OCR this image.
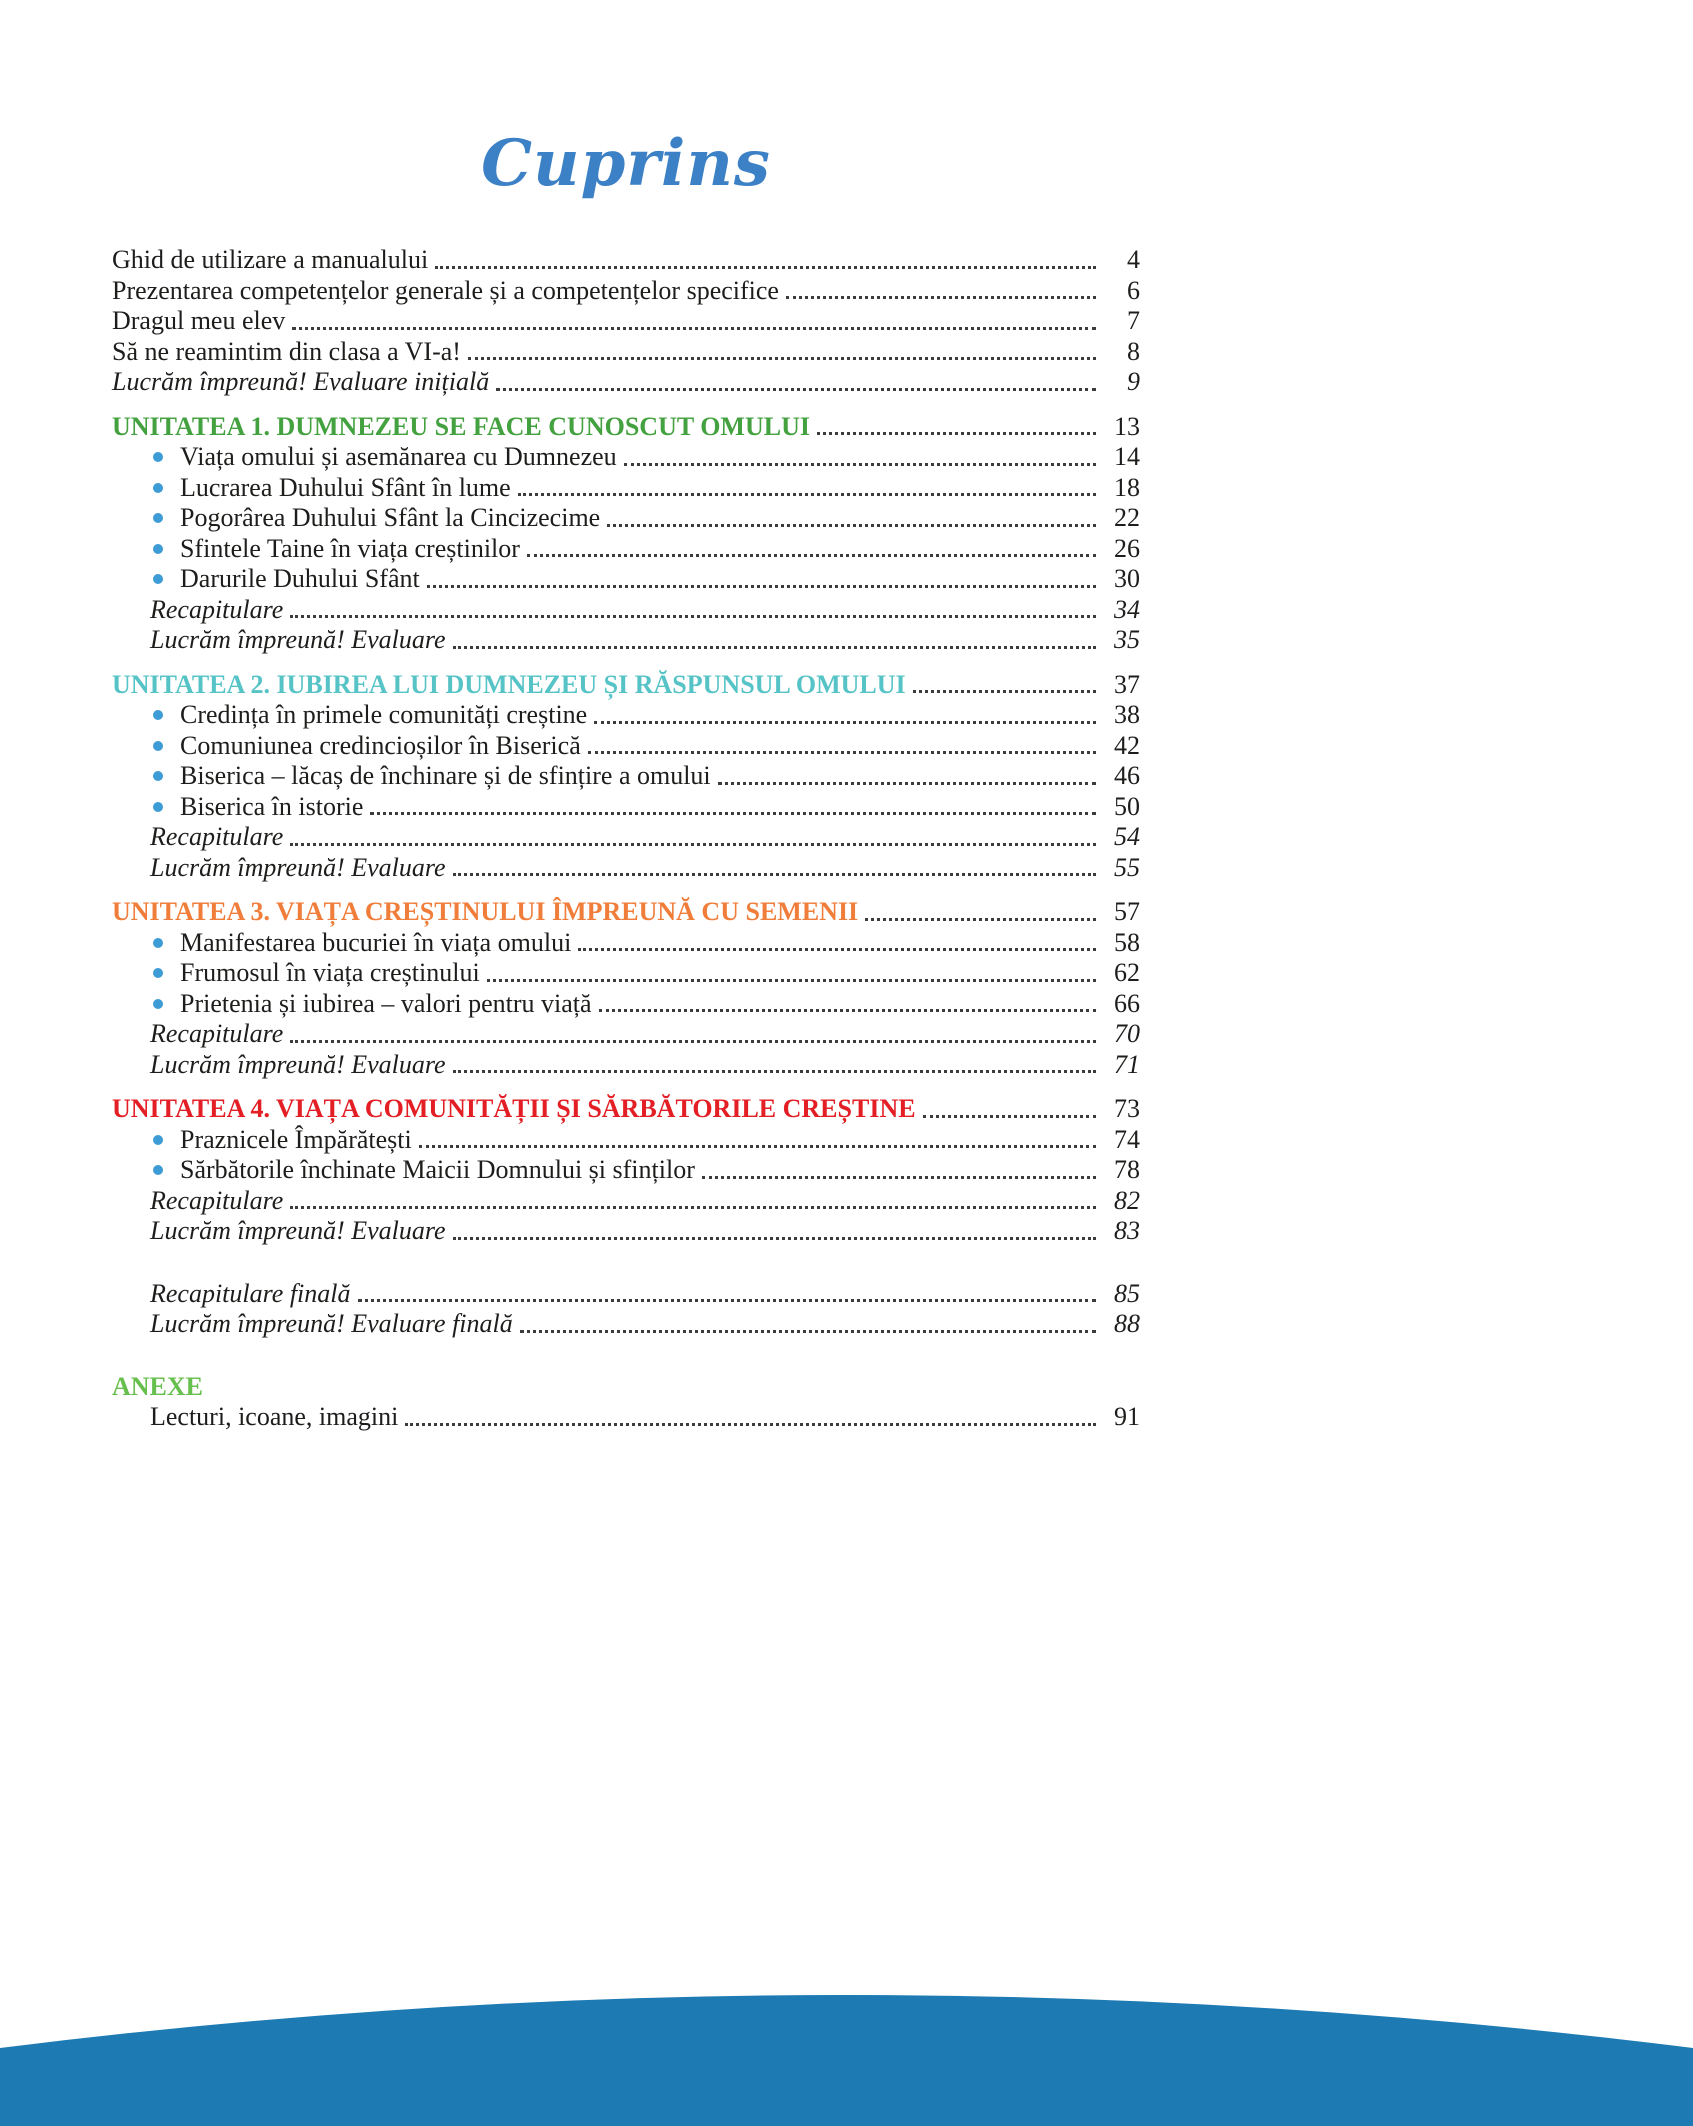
Cuprins
Ghid de utilizare a manualului	4
Prezentarea competențelor generale și a competențelor specifice	6
Dragul meu elev	7
Să ne reamintim din clasa a VI-a!	8
Lucrăm împreună! Evaluare inițială	9
UNITATEA 1. DUMNEZEU SE FACE CUNOSCUT OMULUI	13
Viața omului și asemănarea cu Dumnezeu	14
Lucrarea Duhului Sfânt în lume	18
Pogorârea Duhului Sfânt la Cincizecime	22
Sfintele Taine în viața creștinilor	26
Darurile Duhului Sfânt	30
Recapitulare	34
Lucrăm împreună! Evaluare	35
UNITATEA 2. IUBIREA LUI DUMNEZEU ȘI RĂSPUNSUL OMULUI	37
Credința în primele comunități creștine	38
Comuniunea credincioșilor în Biserică	42
Biserica – lăcaș de închinare și de sfințire a omului	46
Biserica în istorie	50
Recapitulare	54
Lucrăm împreună! Evaluare	55
UNITATEA 3. VIAȚA CREȘTINULUI ÎMPREUNĂ CU SEMENII	57
Manifestarea bucuriei în viața omului	58
Frumosul în viața creștinului	62
Prietenia și iubirea – valori pentru viață	66
Recapitulare	70
Lucrăm împreună! Evaluare	71
UNITATEA 4. VIAȚA COMUNITĂȚII ȘI SĂRBĂTORILE CREȘTINE	73
Praznicele Împărătești	74
Sărbătorile închinate Maicii Domnului și sfinților	78
Recapitulare	82
Lucrăm împreună! Evaluare	83
Recapitulare finală	85
Lucrăm împreună! Evaluare finală	88
ANEXE
Lecturi, icoane, imagini	91
